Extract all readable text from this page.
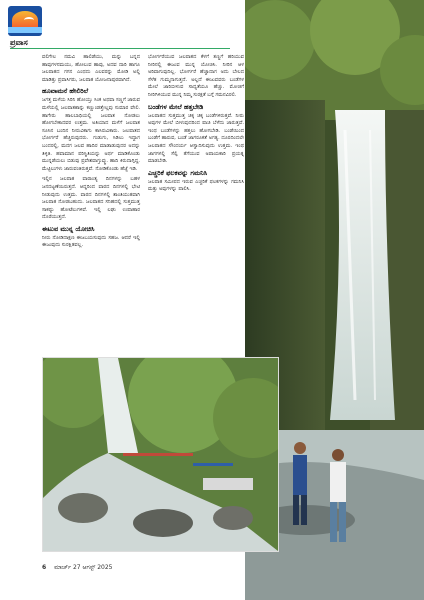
ಪ್ರವಾಸ

ವಲಿಗೇಲ ನಮವಿ ಹಾಲಿಡೆಯು, ಮನ್ನು ಬನ್ನದ ಹಾವುಗಳನಮಯು, ಹೋಲುವ ಹಾವು, ಅದವ ದಾರಿ ಹಾಗೂ ಜಲಪಾತದ ಗಗನ ಎಂಥದು ಎಲವರನ್ನು ಮೋಡಿ ಅಲ್ಲಿ ಮಾಡಿತ್ತು ಪ್ರವಾಸಿಗರು, ಜಲಪಾತ ಯೋಜನಾಪುರವಾಗಿದೆ.

ಹೂವಾಮನೆ ಹೇಲಿರಿಲೆ

ಜಗತ್ತ ಮಳೆಯ ಸಿರಿನಿ ಹೋಯ್ತು ಸಿಂಕ ಅಥವಾ ಸಣ್ಣಗೆ ಜಾರುವ ಮಳೆಯಲ್ಲಿ ಜಲಪಾತಶಾನ್ನು ಕಣ್ಣುಂಡತ್ತೇಲ್ಲವು ಸುಮಾರ ವೇಲಿ. ಹಾಗೇರು ಹಾಲಬಾಧಿಯಲ್ಲಿ ಜಲಪಾತ ನೋಡಲು ಹೋಗಬೇಕಾದವರ ಉತ್ತಮ. ಅತಿಯಾದ ಮಳೆಗೆ ಜಲಪಾತ ಸೂಸಿನ ಬಂದಿನ ನೀರುವಿಕಾಗು ಕಾಸಿರುವಿಕಾರು. ಜಲಪಾತದ ಭೋರ್ಗರೆ ಹೆಚ್ಚಿರುವುದರು. ಗುಡುಗು, ಸಿಡಿಲು ಇದ್ದಾಗ ಬಂದರಲ್ಲಿ, ಮದಗ ಜಲವ ಹಾದಿರ ಮಾಡಾಡುವುದರ ಅದನ್ನು ತಿಳ್ಳಿತಿ. ಹವಾಮಾನ ಪರಿಸ್ಥಿತಿಯನ್ನು ಅರ್ಥ ಮಾಡಿಕೊಂಡು ಮುನ್ನಡೆಯಲು ಬಿಡುವು ಪ್ರವೇಶವಾಗ್ತುವ್ದು. ಹಾದಿ ಕಿರುದಾಗ್ಗಿದ್ದ. ಮೆಟ್ಟಿಲುಗಳು ಜಾರುವಂತಿರುತ್ತವೆ. ನೋಡಿಕೊಂಡು ಹೆಜ್ಜೆ ಇಡಿ.

ಇಲ್ಲಿನ ಜಲಪಾತ ವಾರಾಂತ್ಯ ದಿನಗಳನ್ನು ಬಹಳ ಜನದಟ್ಟಣೆಯಿರುತ್ತದೆ. ಆದ್ದರಿಂದ ವಾರದ ದಿನಗಳಲ್ಲಿ ಭೇಟಿ ನೀಡುವುದು ಉತ್ತಮ. ವಾರದ ದಿನಗಳಲ್ಲಿ ಶಾಂತಿಯುತವಾಗಿ ಜಲಪಾತ ನೋಡಬಹುದು. ಜಲಪಾತದ ಸನಿಹದಲ್ಲಿ ಸುತ್ತಮುತ್ತ ಸಾಕಷ್ಟು ಹೋಟೆಲುಗಳಿವೆ. ಇಲ್ಲಿ ಲಘು ಉಪಾಹಾರ ದೊರೆಯುತ್ತದೆ.

ಈಟುವ ಮುನ್ನ ಯೋಚಿಸಿ

ನೀರು ನೋಡಿದಾಕ್ಷಣ ಈಜಬಯಸುವುದು ಸಹಜ. ಆದರೆ ಇಲ್ಲಿ ಈಜುವುದು ಸುರಕ್ಷಿತವಲ್ಲ.

ಭೋರ್ಗರೆಯುವ ಜಲಪಾತದ ಕೆಳಗೆ ತಣ್ಣಗೆ ಹರಿಯುವ ನೀರಿನಲ್ಲಿ ಈಜುವ ಮುನ್ನ ಯೋಚಿಸಿ. ನೀರಿನ ಆಳ ಅರಿವಾಗುವುದಿಲ್ಲ. ಭೋರ್ಗರೆ ಹೆಚ್ಚಾದಾಗ ಅದು ಬೇಲದ ಸೆಳೆತ ಗುಮ್ಮನಾಗುತ್ತದೆ. ಅಲ್ಲದೆ ಈಜುವವರು ಬಂಡೆಗಳ ಮೇಲೆ ಜಾರಿಬೀಳುವ ಸಾಧ್ಯತೆಯೂ ಹೆಚ್ಚು. ಮೋಜಿಗೆ ನೀರಿಗಿಳಿಯುವ ಮುನ್ನ ನಿಮ್ಮ ಸುರಕ್ಷತೆ ಬಗ್ಗೆ ಗಮನವಿರಲಿ.

ಬಂಡೆಗಳ ಮೇಲೆ ಹತ್ತಬೇಡಿ

ಜಲಪಾತದ ಸುತ್ತಮುತ್ತ ಚಿಕ್ಕ ಚಿಕ್ಕ ಬಂಡೆಗಳಿರುತ್ತವೆ. ನೀರು ಅವುಗಳ ಮೇಲೆ ಬೀಳುವುದರಿಂದ ಪಾಚಿ ಬೆಳೆದು ಜಾರುತ್ತವೆ. ಇಂಥ ಬಂಡೆಗಳನ್ನು ಹತ್ತಲು ಹೋಗಬೇಡಿ. ಬಂಡೆಯಿಂದ ಬಂಡೆಗೆ ಹಾರುವ, ಬಂಡೆ ಜಾಗರೂಕತೆ ಅಗತ್ಯ. ದೂರದಿಂದಲೇ ಜಲಪಾತದ ಸೌಂದರ್ಯ ಆಸ್ವಾದಿಸುವುದು ಉತ್ತಮ. ಇಂಥ ಜಾಗಗಳಲ್ಲಿ ಸೆಲ್ಫಿ ತೆಗೆಯುವ ಅಪಾಯಕಾರಿ ಪ್ರಯತ್ನ ಮಾಡಬೇಡಿ.

ಎಚ್ಚರಿಕೆ ಫಲಕವನ್ನು ಗಮನಿಸಿ

ಜಲಪಾತ ಸಮೀಪದ ಇರುವ ಎಚ್ಚರಿಕೆ ಫಲಕಗಳನ್ನು ಗಮನಿಸಿ ಮತ್ತು ಅವುಗಳನ್ನು ಪಾಲಿಸಿ.

6 ಮಾರ್ಚ್ 27 ಆಗಸ್ಟ್ 2025
